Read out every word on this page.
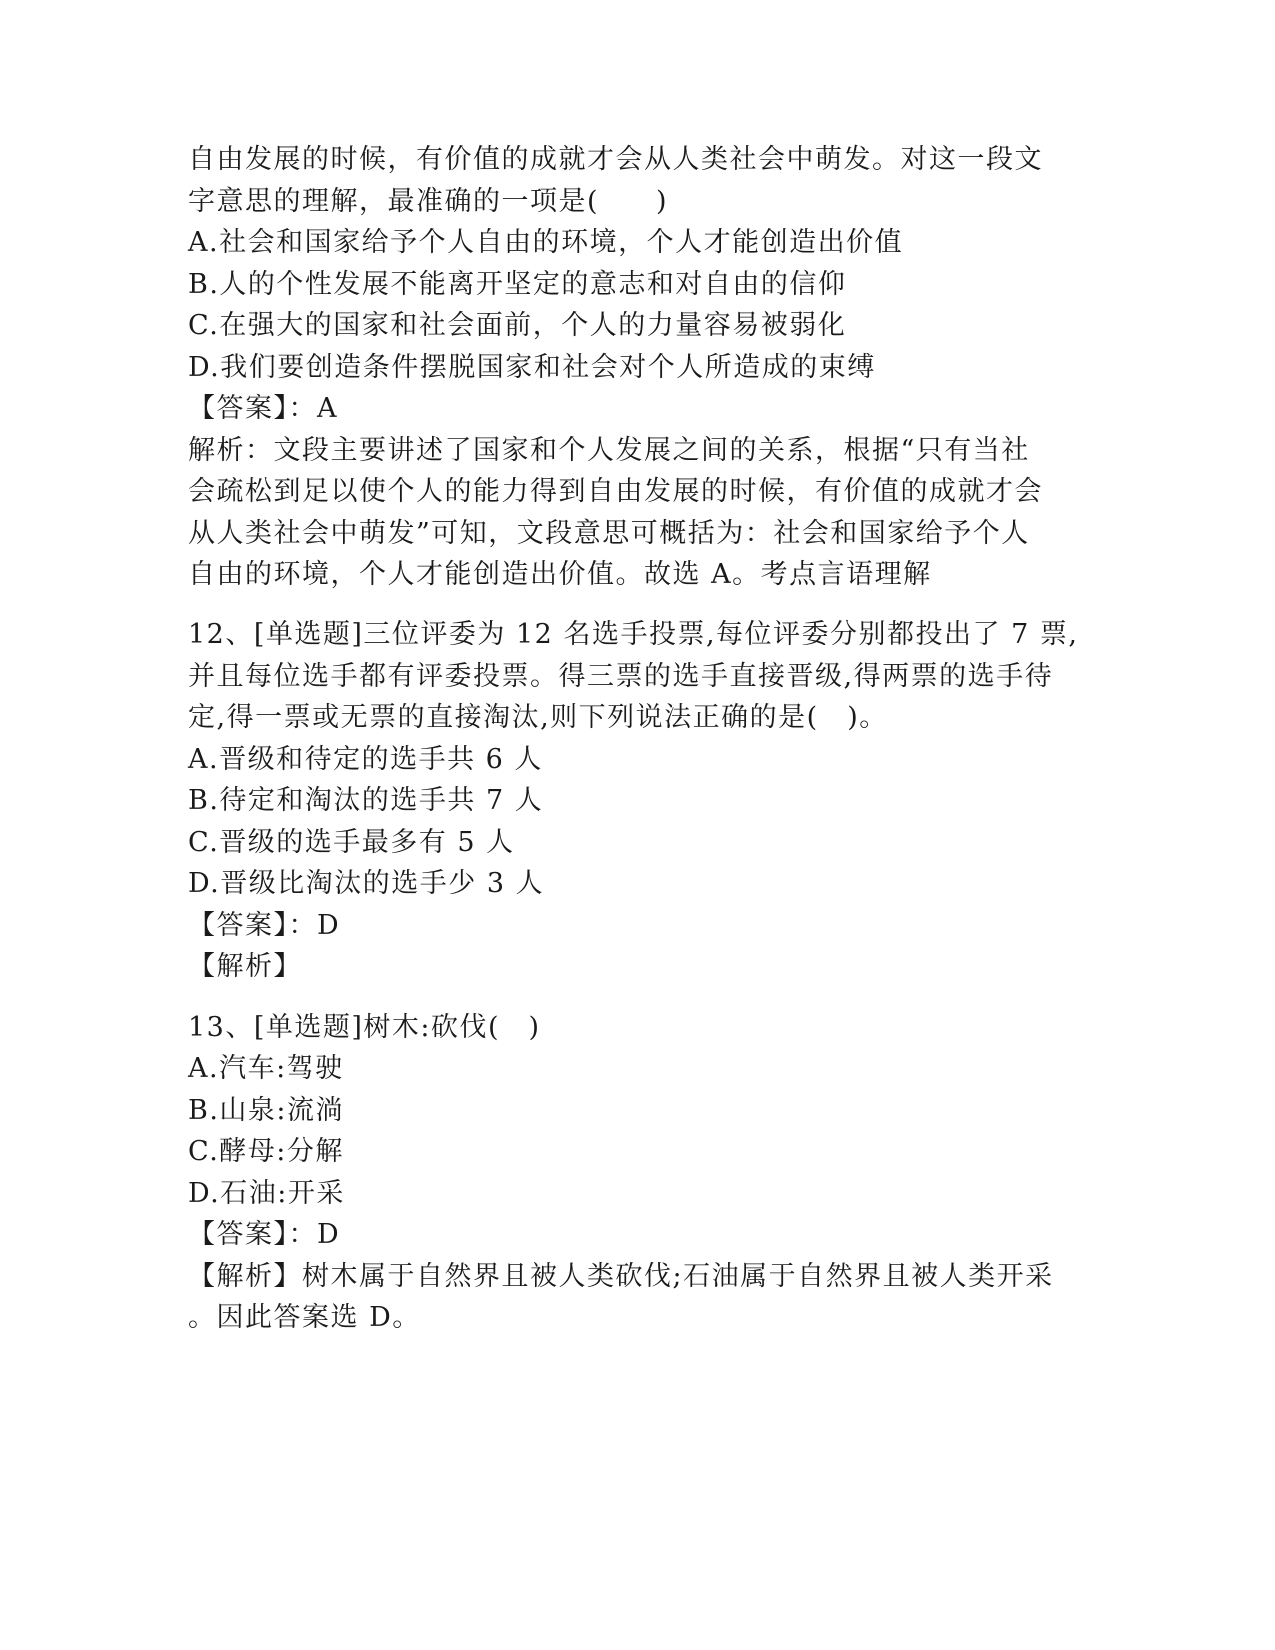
自由发展的时候，有价值的成就才会从人类社会中萌发。对这一段文
字意思的理解，最准确的一项是(　　)
A.社会和国家给予个人自由的环境，个人才能创造出价值
B.人的个性发展不能离开坚定的意志和对自由的信仰
C.在强大的国家和社会面前，个人的力量容易被弱化
D.我们要创造条件摆脱国家和社会对个人所造成的束缚
【答案】：A
解析：文段主要讲述了国家和个人发展之间的关系，根据“只有当社
会疏松到足以使个人的能力得到自由发展的时候，有价值的成就才会
从人类社会中萌发”可知，文段意思可概括为：社会和国家给予个人
自由的环境，个人才能创造出价值。故选 A。考点言语理解
12、[单选题]三位评委为 12 名选手投票,每位评委分别都投出了 7 票,
并且每位选手都有评委投票。得三票的选手直接晋级,得两票的选手待
定,得一票或无票的直接淘汰,则下列说法正确的是(　)。
A.晋级和待定的选手共 6 人
B.待定和淘汰的选手共 7 人
C.晋级的选手最多有 5 人
D.晋级比淘汰的选手少 3 人
【答案】：D
【解析】
13、[单选题]树木:砍伐(　)
A.汽车:驾驶
B.山泉:流淌
C.酵母:分解
D.石油:开采
【答案】：D
【解析】树木属于自然界且被人类砍伐;石油属于自然界且被人类开采
。因此答案选 D。
